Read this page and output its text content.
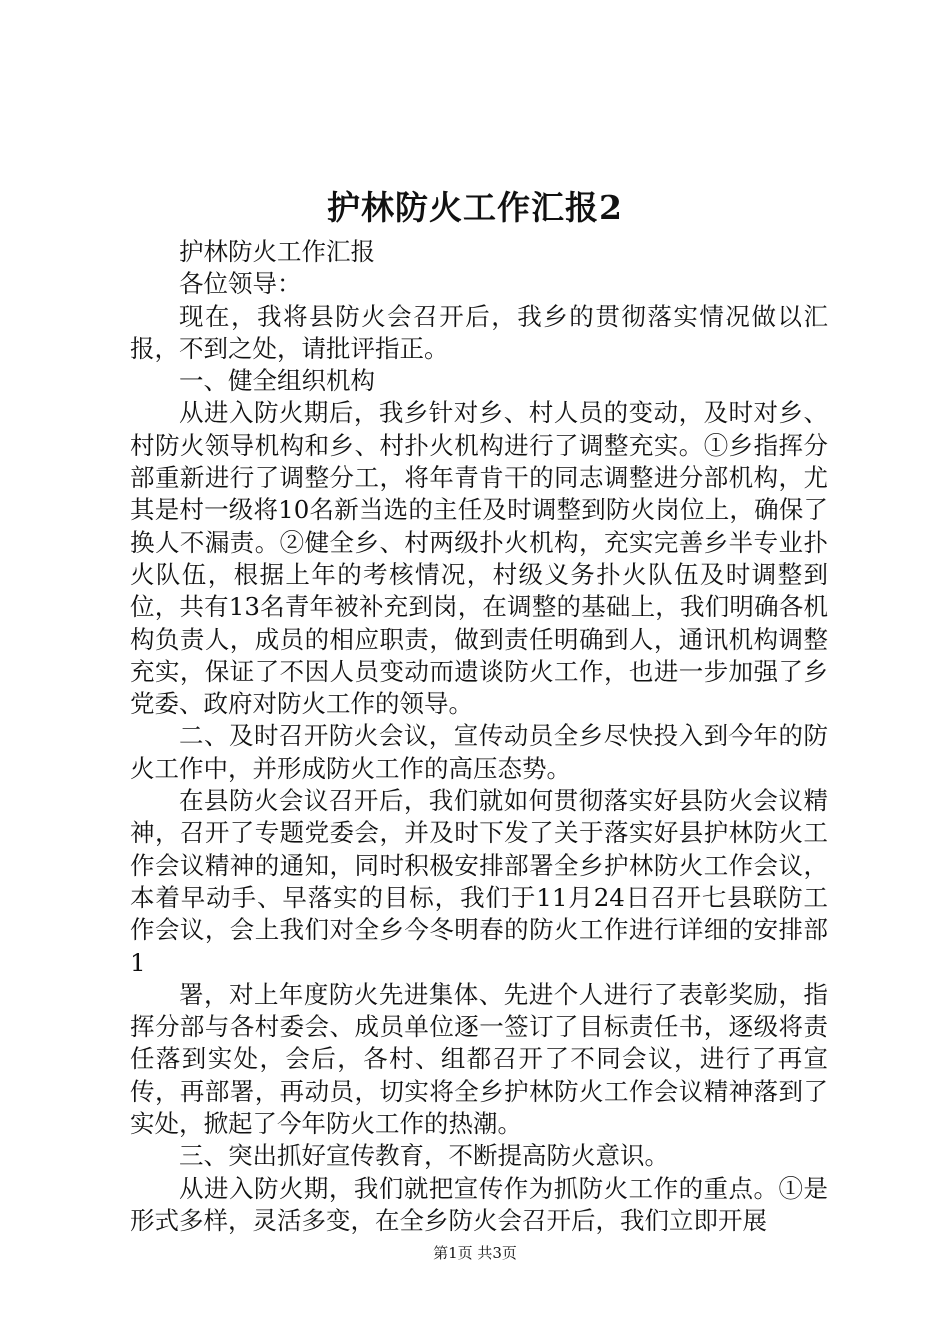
护林防火工作汇报2

护林防火工作汇报

各位领导：

现在，我将县防火会召开后，我乡的贯彻落实情况做以汇报，不到之处，请批评指正。

一、健全组织机构

从进入防火期后，我乡针对乡、村人员的变动，及时对乡、村防火领导机构和乡、村扑火机构进行了调整充实。①乡指挥分部重新进行了调整分工，将年青肯干的同志调整进分部机构，尤其是村一级将10名新当选的主任及时调整到防火岗位上，确保了换人不漏责。②健全乡、村两级扑火机构，充实完善乡半专业扑火队伍，根据上年的考核情况，村级义务扑火队伍及时调整到位，共有13名青年被补充到岗，在调整的基础上，我们明确各机构负责人，成员的相应职责，做到责任明确到人，通讯机构调整充实，保证了不因人员变动而遗谈防火工作，也进一步加强了乡党委、政府对防火工作的领导。

二、及时召开防火会议，宣传动员全乡尽快投入到今年的防火工作中，并形成防火工作的高压态势。

在县防火会议召开后，我们就如何贯彻落实好县防火会议精神，召开了专题党委会，并及时下发了关于落实好县护林防火工作会议精神的通知，同时积极安排部署全乡护林防火工作会议，本着早动手、早落实的目标，我们于11月24日召开七县联防工作会议，会上我们对全乡今冬明春的防火工作进行详细的安排部1

署，对上年度防火先进集体、先进个人进行了表彰奖励，指挥分部与各村委会、成员单位逐一签订了目标责任书，逐级将责任落到实处，会后，各村、组都召开了不同会议，进行了再宣传，再部署，再动员，切实将全乡护林防火工作会议精神落到了实处，掀起了今年防火工作的热潮。

三、突出抓好宣传教育，不断提高防火意识。

从进入防火期，我们就把宣传作为抓防火工作的重点。①是形式多样，灵活多变，在全乡防火会召开后，我们立即开展

第1页 共3页
